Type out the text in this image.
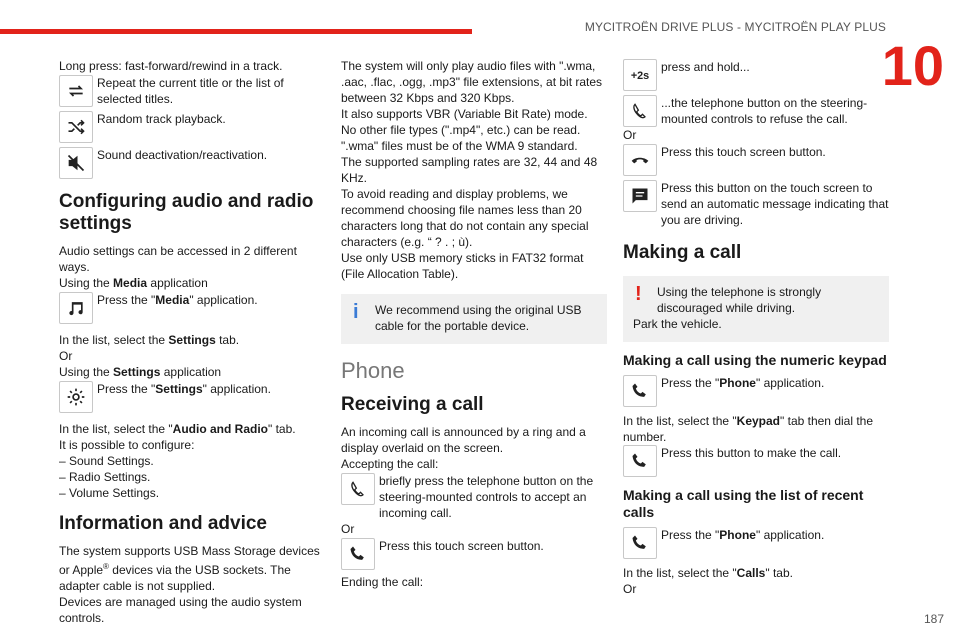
MYCITROËN DRIVE PLUS - MYCITROËN PLAY PLUS
10
187

Long press: fast-forward/rewind in a track.

Repeat the current title or the list of selected titles.
Random track playback.
Sound deactivation/reactivation.
Configuring audio and radio settings

Audio settings can be accessed in 2 different ways.

Using the Media application

Press the "Media" application.

In the list, select the Settings tab.

Or

Using the Settings application

Press the "Settings" application.

In the list, select the "Audio and Radio" tab.

It is possible to configure:

– Sound Settings.

– Radio Settings.

– Volume Settings.

Information and advice

The system supports USB Mass Storage devices or Apple® devices via the USB sockets. The adapter cable is not supplied.

Devices are managed using the audio system controls.

The system will only play audio files with ".wma, .aac, .flac, .ogg, .mp3" file extensions, at bit rates between 32 Kbps and 320 Kbps.

It also supports VBR (Variable Bit Rate) mode.

No other file types (".mp4", etc.) can be read.

".wma" files must be of the WMA 9 standard.

The supported sampling rates are 32, 44 and 48 KHz.

To avoid reading and display problems, we recommend choosing file names less than 20 characters long that do not contain any special characters (e.g. “ ? . ; ù).

Use only USB memory sticks in FAT32 format (File Allocation Table).

i We recommend using the original USB cable for the portable device.

Phone
Receiving a call

An incoming call is announced by a ring and a display overlaid on the screen.

Accepting the call:

briefly press the telephone button on the steering-mounted controls to accept an incoming call.

Or

Press this touch screen button.

Ending the call:

+2s
press and hold...
...the telephone button on the steering-mounted controls to refuse the call.

Or

Press this touch screen button.
Press this button on the touch screen to send an automatic message indicating that you are driving.
Making a call
! Using the telephone is strongly discouraged while driving.

Park the vehicle.

Making a call using the numeric keypad
Press the "Phone" application.

In the list, select the "Keypad" tab then dial the number.

Press this button to make the call.
Making a call using the list of recent calls
Press the "Phone" application.

In the list, select the "Calls" tab.

Or
